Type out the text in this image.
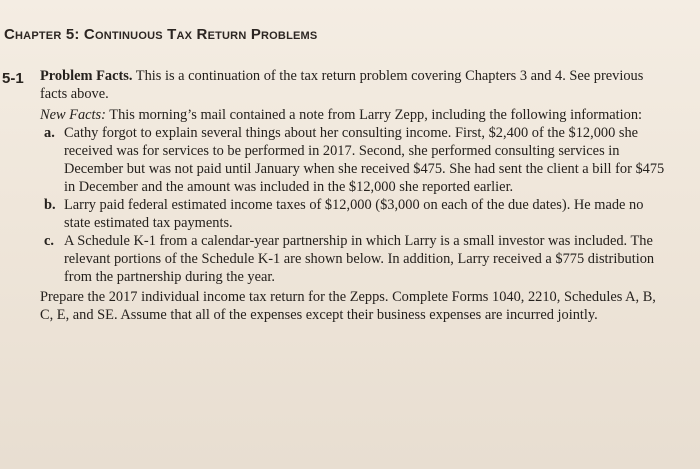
Chapter 5: Continuous Tax Return Problems
5-1 Problem Facts. This is a continuation of the tax return problem covering Chapters 3 and 4. See previous facts above.

New Facts: This morning’s mail contained a note from Larry Zepp, including the following information:

a. Cathy forgot to explain several things about her consulting income. First, $2,400 of the $12,000 she received was for services to be performed in 2017. Second, she performed consulting services in December but was not paid until January when she received $475. She had sent the client a bill for $475 in December and the amount was included in the $12,000 she reported earlier.
b. Larry paid federal estimated income taxes of $12,000 ($3,000 on each of the due dates). He made no state estimated tax payments.
c. A Schedule K-1 from a calendar-year partnership in which Larry is a small investor was included. The relevant portions of the Schedule K-1 are shown below. In addition, Larry received a $775 distribution from the partnership during the year.

Prepare the 2017 individual income tax return for the Zepps. Complete Forms 1040, 2210, Schedules A, B, C, E, and SE. Assume that all of the expenses except their business expenses are incurred jointly.
